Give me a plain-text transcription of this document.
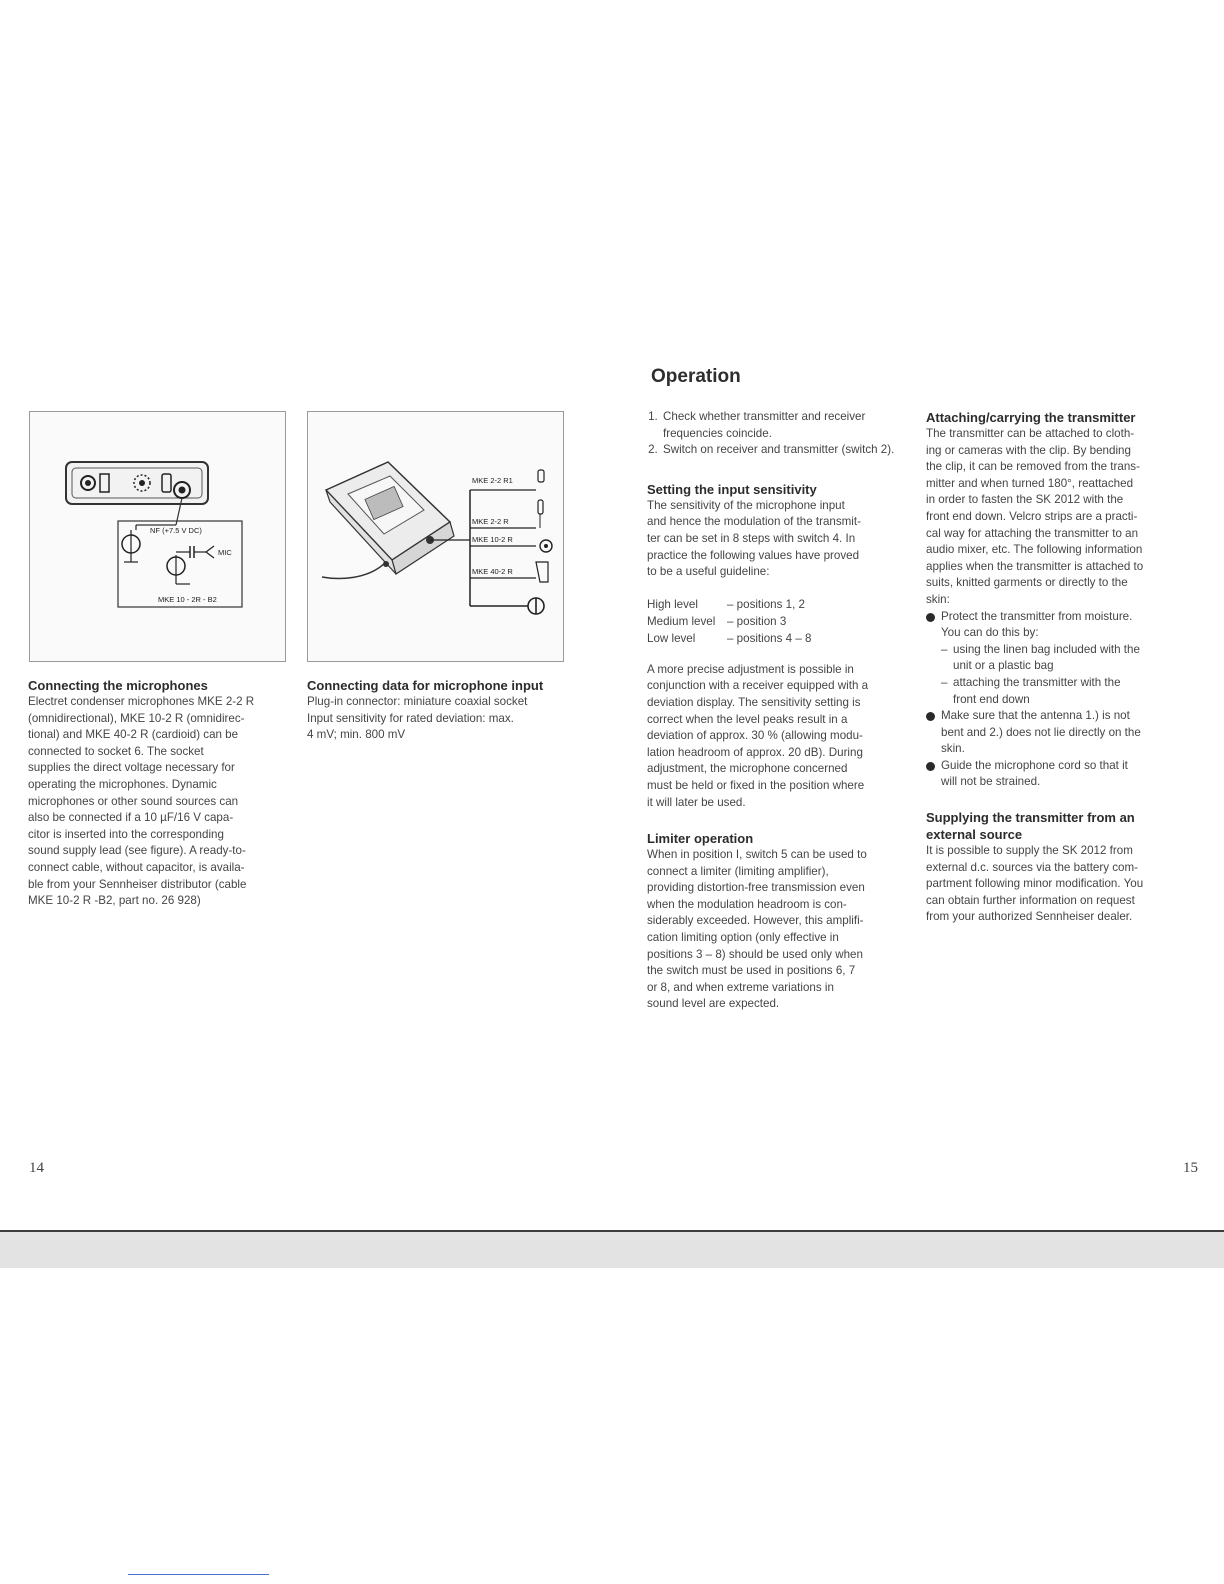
NF (+7.5 V DC)
MIC
MKE 10 - 2R - B2
MKE 2-2 R1
MKE 2-2 R
MKE 10-2 R
MKE 40-2 R

Connecting the microphones

Electret condenser microphones MKE 2-2 R
(omnidirectional), MKE 10-2 R (omnidirec-
tional) and MKE 40-2 R (cardioid) can be
connected to socket 6. The socket
supplies the direct voltage necessary for
operating the microphones. Dynamic
microphones or other sound sources can
also be connected if a 10 µF/16 V capa-
citor is inserted into the corresponding
sound supply lead (see figure). A ready-to-
connect cable, without capacitor, is availa-
ble from your Sennheiser distributor (cable
MKE 10-2 R -B2, part no. 26 928)

Connecting data for microphone input

Plug-in connector: miniature coaxial socket
Input sensitivity for rated deviation: max.
4 mV; min. 800 mV
14
Operation
1. Check whether transmitter and receiver frequencies coincide.
2. Switch on receiver and transmitter (switch 2).

Setting the input sensitivity

The sensitivity of the microphone input
and hence the modulation of the transmit-
ter can be set in 8 steps with switch 4. In
practice the following values have proved
to be a useful guideline:
High level	– positions 1, 2
Medium level	– position 3
Low level	– positions 4 – 8
A more precise adjustment is possible in
conjunction with a receiver equipped with a
deviation display. The sensitivity setting is
correct when the level peaks result in a
deviation of approx. 30 % (allowing modu-
lation headroom of approx. 20 dB). During
adjustment, the microphone concerned
must be held or fixed in the position where
it will later be used.

Limiter operation

When in position I, switch 5 can be used to
connect a limiter (limiting amplifier),
providing distortion-free transmission even
when the modulation headroom is con-
siderably exceeded. However, this amplifi-
cation limiting option (only effective in
positions 3 – 8) should be used only when
the switch must be used in positions 6, 7
or 8, and when extreme variations in
sound level are expected.

Attaching/carrying the transmitter

The transmitter can be attached to cloth-
ing or cameras with the clip. By bending
the clip, it can be removed from the trans-
mitter and when turned 180°, reattached
in order to fasten the SK 2012 with the
front end down. Velcro strips are a practi-
cal way for attaching the transmitter to an
audio mixer, etc. The following information
applies when the transmitter is attached to
suits, knitted garments or directly to the
skin:
Protect the transmitter from moisture.
You can do this by:
– using the linen bag included with the
unit or a plastic bag
– attaching the transmitter with the
front end down
Make sure that the antenna 1.) is not
bent and 2.) does not lie directly on the
skin.
Guide the microphone cord so that it
will not be strained.

Supplying the transmitter from an

external source

It is possible to supply the SK 2012 from
external d.c. sources via the battery com-
partment following minor modification. You
can obtain further information on request
from your authorized Sennheiser dealer.
15
